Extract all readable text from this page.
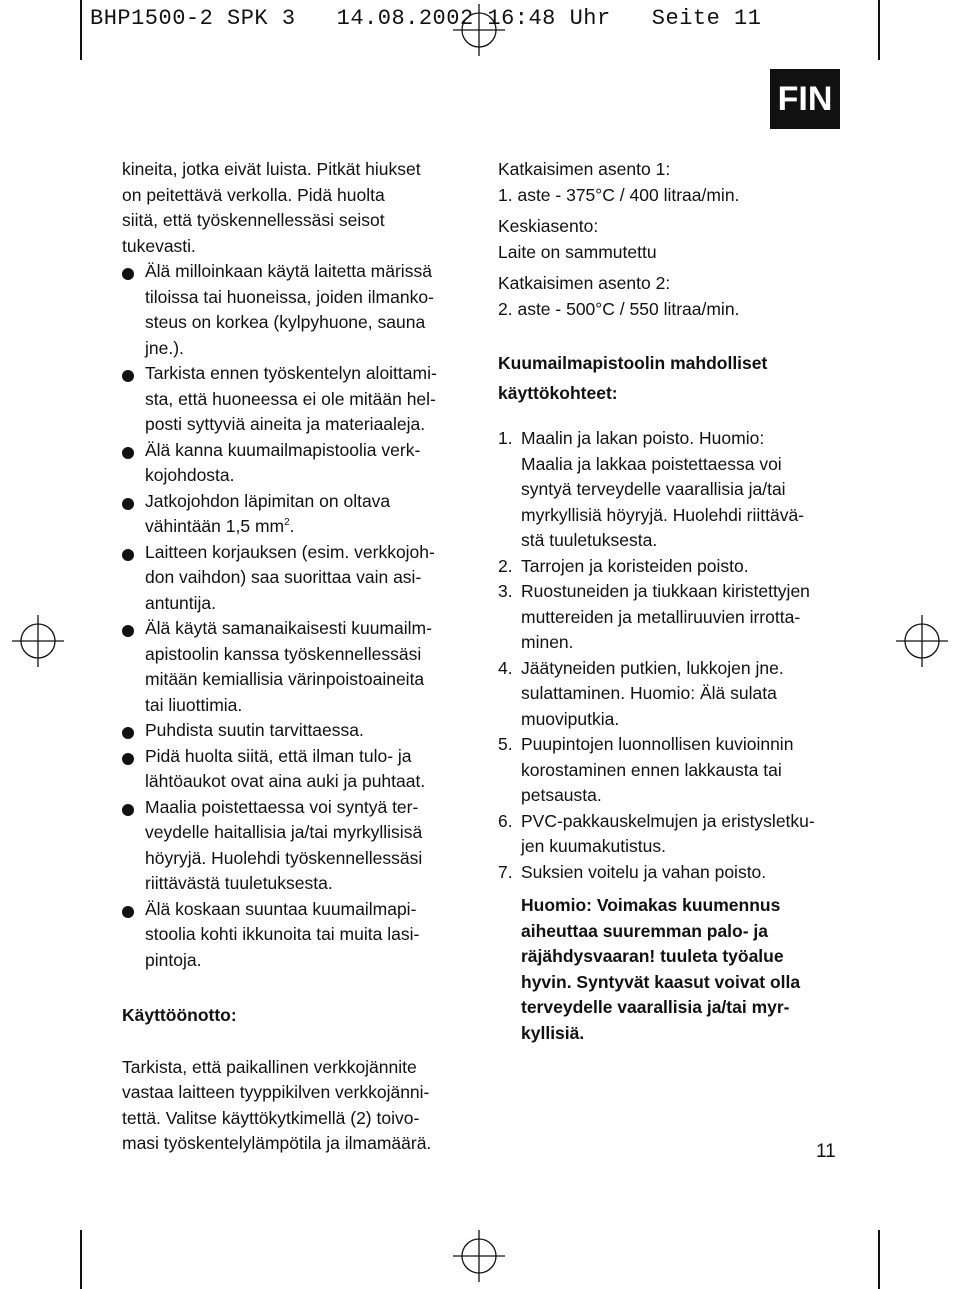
BHP1500-2 SPK 3   14.08.2002 16:48 Uhr   Seite 11
FIN

kineita, jotka eivät luista. Pitkät hiukset
on peitettävä verkolla. Pidä huolta
siitä, että työskennellessäsi seisot
tukevasti.

Älä milloinkaan käytä laitetta märissä
tiloissa tai huoneissa, joiden ilmanko-
steus on korkea (kylpyhuone, sauna
jne.).

Tarkista ennen työskentelyn aloittami-
sta, että huoneessa ei ole mitään hel-
posti syttyviä aineita ja materiaaleja.

Älä kanna kuumailmapistoolia verk-
kojohdosta.

Jatkojohdon läpimitan on oltava
vähintään 1,5 $mm^2$.

Laitteen korjauksen (esim. verkkojoh-
don vaihdon) saa suorittaa vain asi-
antuntija.

Älä käytä samanaikaisesti kuumailm-
apistoolin kanssa työskennellessäsi
mitään kemiallisia värinpoistoaineita
tai liuottimia.

Puhdista suutin tarvittaessa.

Pidä huolta siitä, että ilman tulo- ja
lähtöaukot ovat aina auki ja puhtaat.

Maalia poistettaessa voi syntyä ter-
veydelle haitallisia ja/tai myrkyllisisä
höyryjä. Huolehdi työskennellessäsi
riittävästä tuuletuksesta.

Älä koskaan suuntaa kuumailmapi-
stoolia kohti ikkunoita tai muita lasi-
pintoja.

Käyttöönotto:

Tarkista, että paikallinen verkkojännite
vastaa laitteen tyyppikilven verkkojänni-
tettä. Valitse käyttökytkimellä (2) toivo-
masi työskentelylämpötila ja ilmamäärä.

Katkaisimen asento 1:
1. aste - 375°C / 400 litraa/min.

Keskiasento:
Laite on sammutettu

Katkaisimen asento 2:
2. aste - 500°C / 550 litraa/min.

Kuumailmapistoolin mahdolliset
käyttökohteet:

1. Maalin ja lakan poisto. Huomio:
Maalia ja lakkaa poistettaessa voi
syntyä terveydelle vaarallisia ja/tai
myrkyllisiä höyryjä. Huolehdi riittävä-
stä tuuletuksesta.

2. Tarrojen ja koristeiden poisto.

3. Ruostuneiden ja tiukkaan kiristettyjen
muttereiden ja metalliruuvien irrotta-
minen.

4. Jäätyneiden putkien, lukkojen jne.
sulattaminen. Huomio: Älä sulata
muoviputkia.

5. Puupintojen luonnollisen kuvioinnin
korostaminen ennen lakkausta tai
petsausta.

6. PVC-pakkauskelmujen ja eristysletku-
jen kuumakutistus.

7. Suksien voitelu ja vahan poisto.

Huomio: Voimakas kuumennus
aiheuttaa suuremman palo- ja
räjähdysvaaran! tuuleta työalue
hyvin. Syntyvät kaasut voivat olla
terveydelle vaarallisia ja/tai myr-
kyllisiä.

11
